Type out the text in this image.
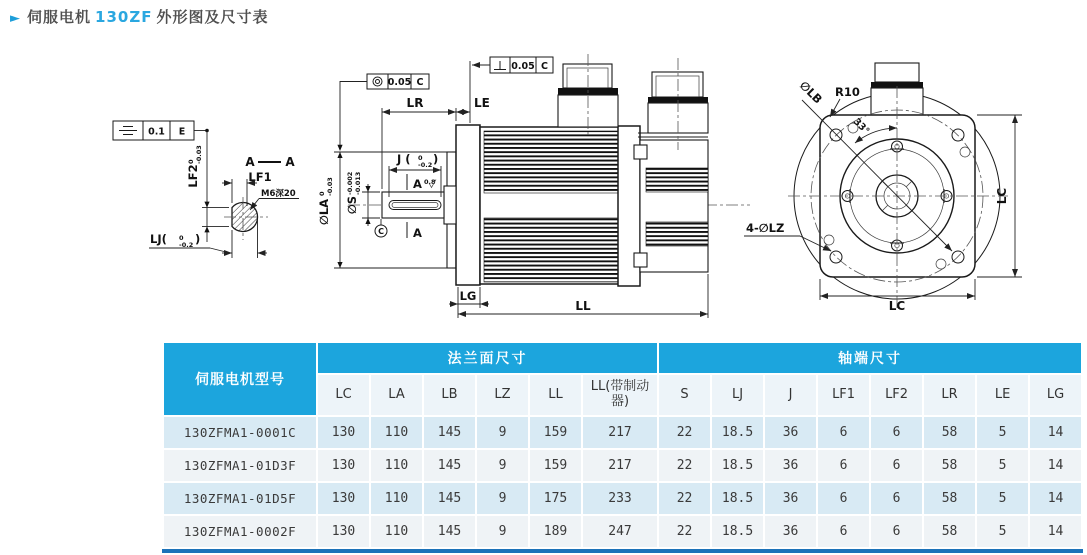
► 伺服电机 130ZF 外形图及尺寸表
0.1 E
LF2
0 -0.03	A	A
LF1
M6深20
LJ( 0
-0.2 )
0.05 C
0.05 C
LR	LE
J ( 0
-0.2 )
A 0.8
A
∅S
-0.002 -0.013
C
∅LA
0 -0.03
LG
LL
∅LB R10
33°
4-∅LZ
LC
LC
伺服电机型号	法兰面尺寸						轴端尺寸							
	LC	LA	LB	LZ	LL	LL(带制动器)	S	LJ	J	LF1	LF2	LR	LE	LG
130ZFMA1-0001C	130	110	145	9	159	217	22	18.5	36	6	6	58	5	14
130ZFMA1-01D3F	130	110	145	9	159	217	22	18.5	36	6	6	58	5	14
130ZFMA1-01D5F	130	110	145	9	175	233	22	18.5	36	6	6	58	5	14
130ZFMA1-0002F	130	110	145	9	189	247	22	18.5	36	6	6	58	5	14
